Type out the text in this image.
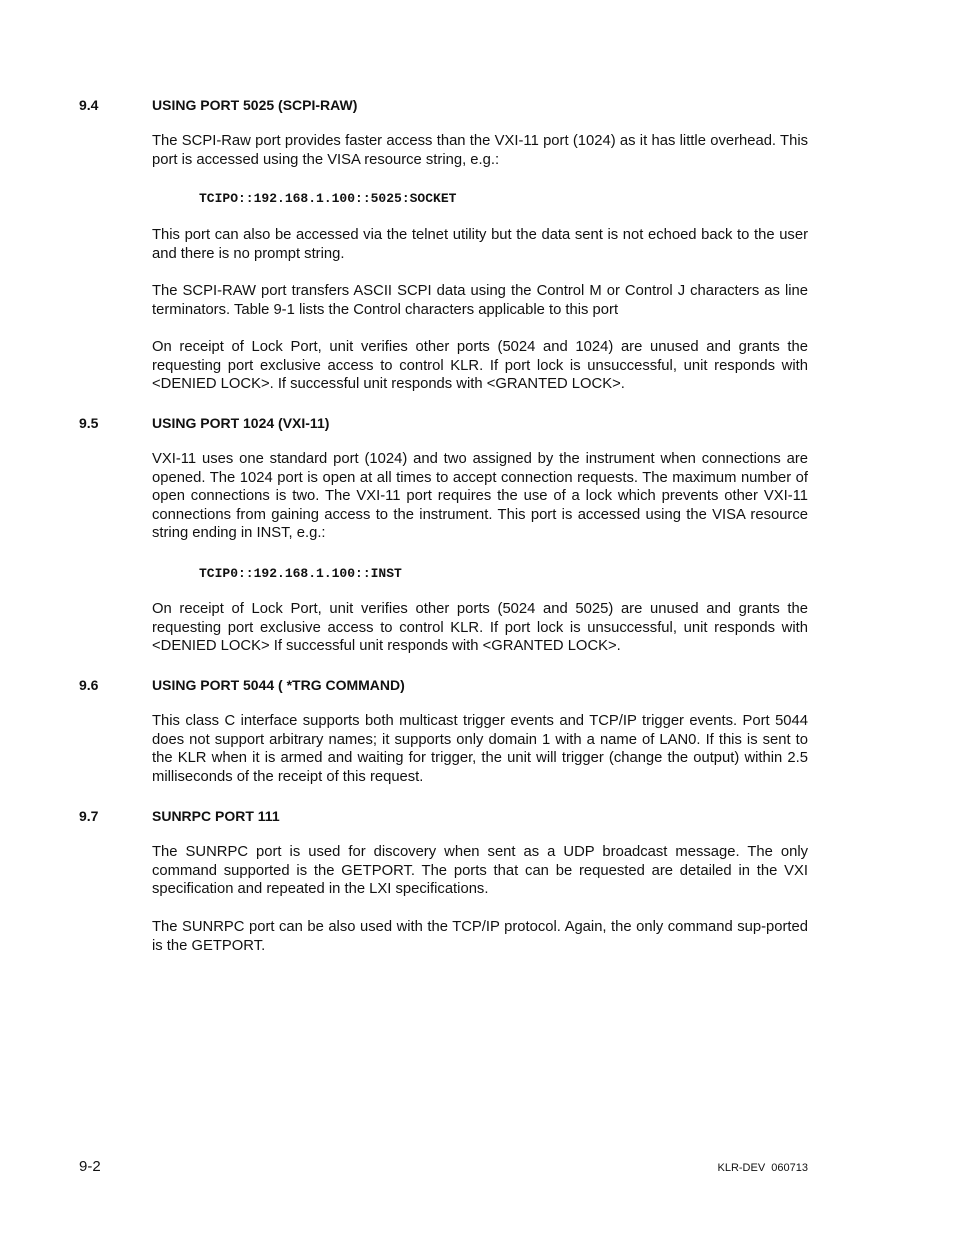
9.4	USING PORT 5025 (SCPI-RAW)

The SCPI-Raw port provides faster access than the VXI-11 port (1024) as it has little overhead. This port is accessed using the VISA resource string, e.g.:

TCIPO::192.168.1.100::5025:SOCKET

This port can also be accessed via the telnet utility but the data sent is not echoed back to the user and there is no prompt string.

The SCPI-RAW port transfers ASCII SCPI data using the Control M or Control J characters as line terminators. Table 9-1 lists the Control characters applicable to this port

On receipt of Lock Port, unit verifies other ports (5024 and 1024) are unused and grants the requesting port exclusive access to control KLR. If port lock is unsuccessful, unit responds with <DENIED LOCK>. If successful unit responds with <GRANTED LOCK>.

9.5	USING PORT 1024 (VXI-11)

VXI-11 uses one standard port (1024) and two assigned by the instrument when connections are opened. The 1024 port is open at all times to accept connection requests. The maximum number of open connections is two. The VXI-11 port requires the use of a lock which prevents other VXI-11 connections from gaining access to the instrument. This port is accessed using the VISA resource string ending in INST, e.g.:

TCIP0::192.168.1.100::INST

On receipt of Lock Port, unit verifies other ports (5024 and 5025) are unused and grants the requesting port exclusive access to control KLR. If port lock is unsuccessful, unit responds with <DENIED LOCK> If successful unit responds with <GRANTED LOCK>.

9.6	USING PORT 5044 ( *TRG COMMAND)

This class C interface supports both multicast trigger events and TCP/IP trigger events. Port 5044 does not support arbitrary names; it supports only domain 1 with a name of LAN0. If this is sent to the KLR when it is armed and waiting for trigger, the unit will trigger (change the output) within 2.5 milliseconds of the receipt of this request.

9.7	SUNRPC PORT 111

The SUNRPC port is used for discovery when sent as a UDP broadcast message. The only command supported is the GETPORT. The ports that can be requested are detailed in the VXI specification and repeated in the LXI specifications.

The SUNRPC port can be also used with the TCP/IP protocol. Again, the only command sup-ported is the GETPORT.

9-2	KLR-DEV  060713
